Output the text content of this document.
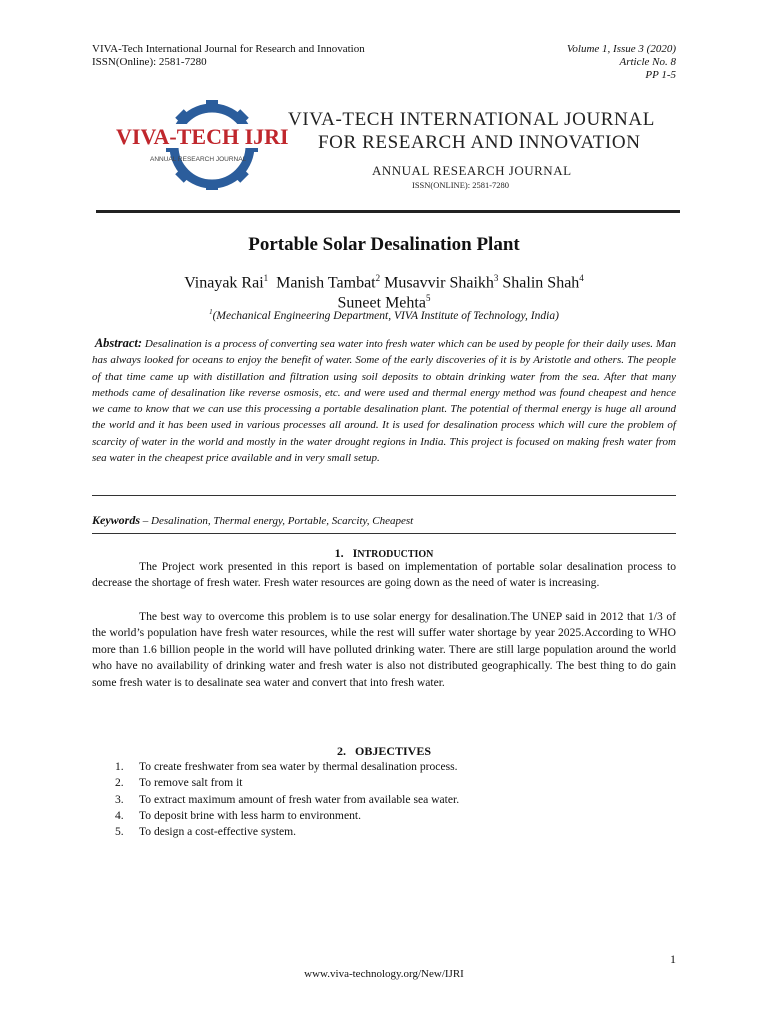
VIVA-Tech International Journal for Research and Innovation
ISSN(Online): 2581-7280
Volume 1, Issue 3 (2020)
Article No. 8
PP 1-5
VIVA-TECH IJRI
ANNUAL RESEARCH JOURNAL
VIVA-TECH INTERNATIONAL JOURNAL
FOR RESEARCH AND INNOVATION
ANNUAL RESEARCH JOURNAL
ISSN(ONLINE): 2581-7280
Portable Solar Desalination Plant
Vinayak Rai$^1$ Manish Tambat$^2$ Musavvir Shaikh$^3$ Shalin Shah$^4$
Suneet Mehta$^5$
$^1$(Mechanical Engineering Department, VIVA Institute of Technology, India)
Abstract: Desalination is a process of converting sea water into fresh water which can be used by people for their daily uses. Man has always looked for oceans to enjoy the benefit of water. Some of the early discoveries of it is by Aristotle and others. The people of that time came up with distillation and filtration using soil deposits to obtain drinking water from the sea. After that many methods came of desalination like reverse osmosis, etc. and were used and thermal energy method was found cheapest and hence we came to know that we can use this processing a portable desalination plant. The potential of thermal energy is huge all around the world and it has been used in various processes all around. It is used for desalination process which will cure the problem of scarcity of water in the world and mostly in the water drought regions in India. This project is focused on making fresh water from sea water in the cheapest price available and in very small setup.
Keywords – Desalination, Thermal energy, Portable, Scarcity, Cheapest
1. INTRODUCTION
The Project work presented in this report is based on implementation of portable solar desalination process to decrease the shortage of fresh water. Fresh water resources are going down as the need of water is increasing.
The best way to overcome this problem is to use solar energy for desalination.The UNEP said in 2012 that 1/3 of the world’s population have fresh water resources, while the rest will suffer water shortage by year 2025.According to WHO more than 1.6 billion people in the world will have polluted drinking water. There are still large population around the world who have no availability of drinking water and fresh water is also not distributed geographically. The best thing to do gain some fresh water is to desalinate sea water and convert that into fresh water.
2. OBJECTIVES
1.	To create freshwater from sea water by thermal desalination process.
2.	To remove salt from it
3.	To extract maximum amount of fresh water from available sea water.
4.	To deposit brine with less harm to environment.
5.	To design a cost-effective system.
1
www.viva-technology.org/New/IJRI
